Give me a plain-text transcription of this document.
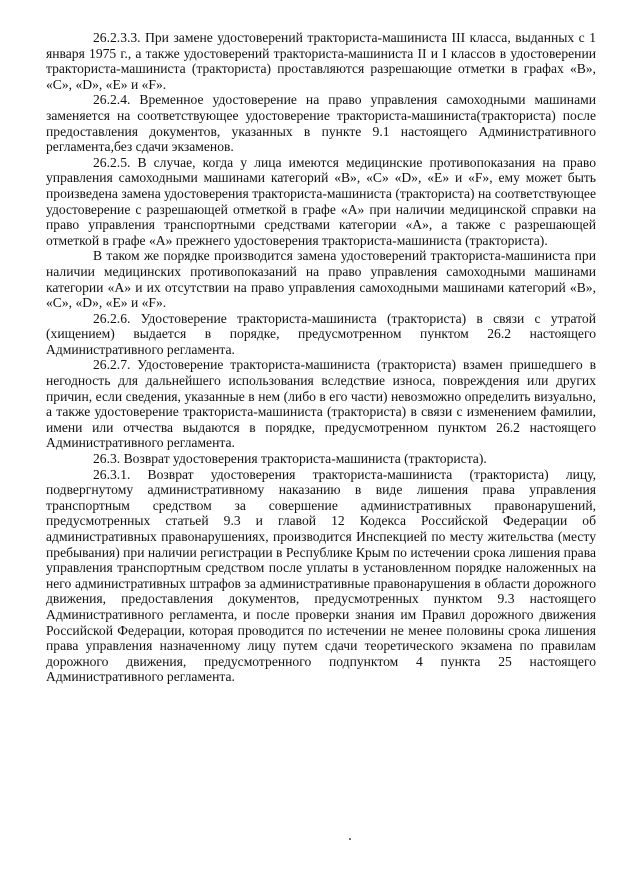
26.2.3.3. При замене удостоверений тракториста-машиниста III класса, выданных с 1 января 1975 г., а также удостоверений тракториста-машиниста II и I классов в удостоверении тракториста-машиниста (тракториста) проставляются разрешающие отметки в графах «В», «С», «D», «Е» и «F».

26.2.4. Временное удостоверение на право управления самоходными машинами заменяется на соответствующее удостоверение тракториста-машиниста(тракториста) после предоставления документов, указанных в пункте 9.1 настоящего Административного регламента,без сдачи экзаменов.

26.2.5. В случае, когда у лица имеются медицинские противопоказания на право управления самоходными машинами категорий «В», «С» «D», «Е» и «F», ему может быть произведена замена удостоверения тракториста-машиниста (тракториста) на соответствующее удостоверение с разрешающей отметкой в графе «А» при наличии медицинской справки на право управления транспортными средствами категории «А», а также с разрешающей отметкой в графе «А» прежнего удостоверения тракториста-машиниста (тракториста).

В таком же порядке производится замена удостоверений тракториста-машиниста при наличии медицинских противопоказаний на право управления самоходными машинами категории «А» и их отсутствии на право управления самоходными машинами категорий «В», «С», «D», «Е» и «F».

26.2.6. Удостоверение тракториста-машиниста (тракториста) в связи с утратой (хищением) выдается в порядке, предусмотренном пунктом 26.2 настоящего Административного регламента.

26.2.7. Удостоверение тракториста-машиниста (тракториста) взамен пришедшего в негодность для дальнейшего использования вследствие износа, повреждения или других причин, если сведения, указанные в нем (либо в его части) невозможно определить визуально, а также удостоверение тракториста-машиниста (тракториста) в связи с изменением фамилии, имени или отчества выдаются в порядке, предусмотренном пунктом 26.2 настоящего Административного регламента.

26.3. Возврат удостоверения тракториста-машиниста (тракториста).

26.3.1. Возврат удостоверения тракториста-машиниста (тракториста) лицу, подвергнутому административному наказанию в виде лишения права управления транспортным средством за совершение административных правонарушений, предусмотренных статьей 9.3 и главой 12 Кодекса Российской Федерации об административных правонарушениях, производится Инспекцией по месту жительства (месту пребывания) при наличии регистрации в Республике Крым по истечении срока лишения права управления транспортным средством после уплаты в установленном порядке наложенных на него административных штрафов за административные правонарушения в области дорожного движения, предоставления документов, предусмотренных пунктом 9.3 настоящего Административного регламента, и после проверки знания им Правил дорожного движения Российской Федерации, которая проводится по истечении не менее половины срока лишения права управления назначенному лицу путем сдачи теоретического экзамена по правилам дорожного движения, предусмотренного подпунктом 4 пункта 25 настоящего Административного регламента.
